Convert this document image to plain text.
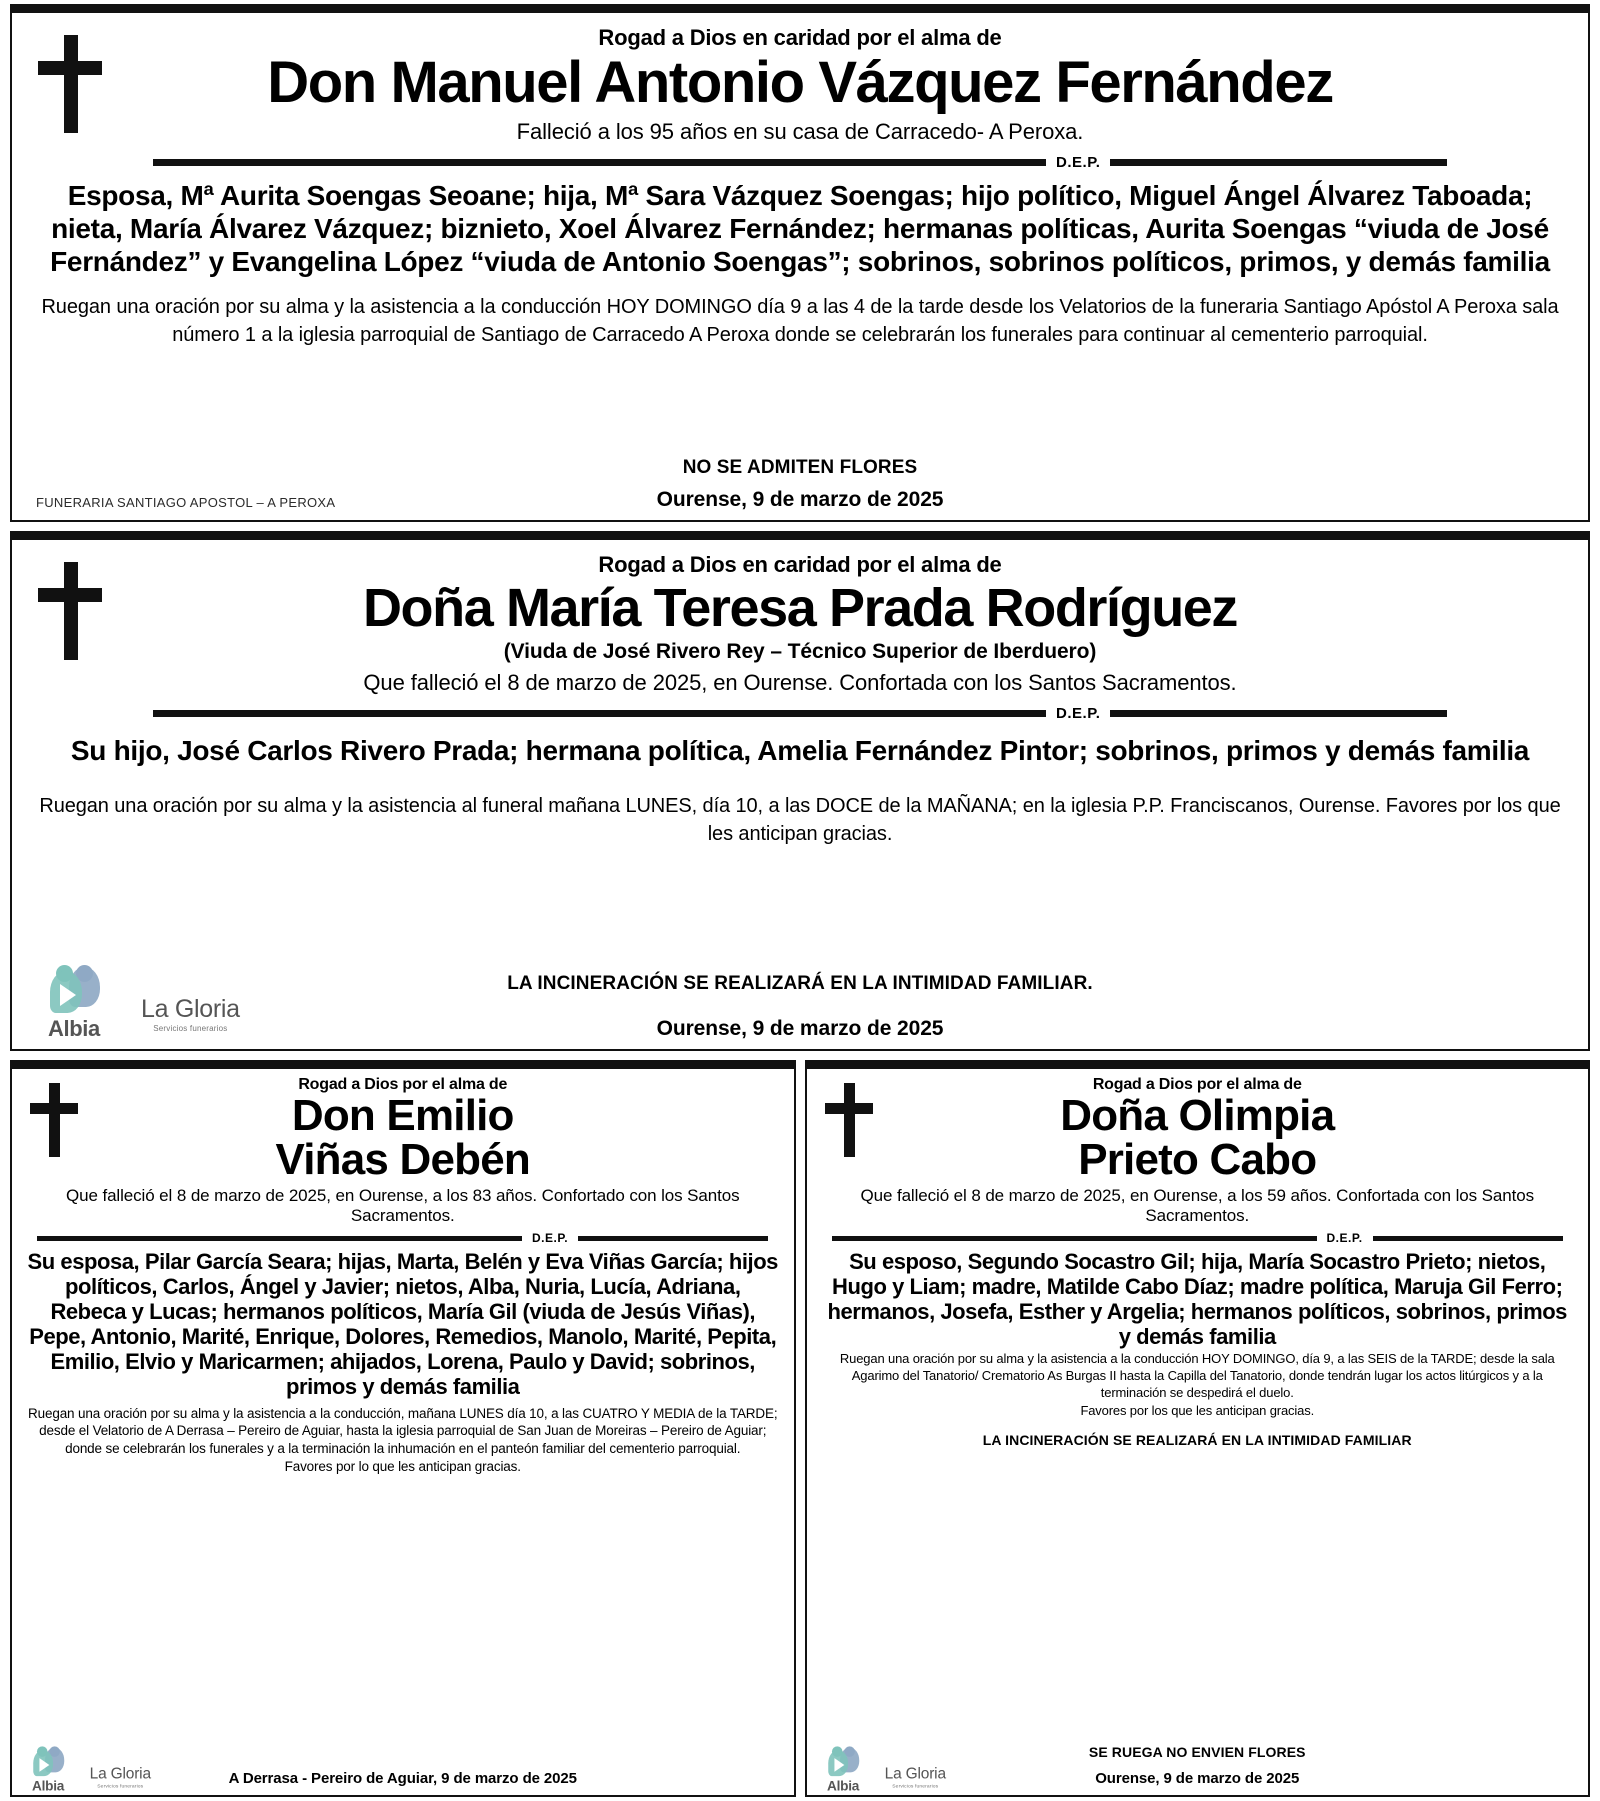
Rogad a Dios en caridad por el alma de
Don Manuel Antonio Vázquez Fernández
Falleció a los 95 años en su casa de Carracedo- A Peroxa.
D.E.P.
Esposa, Mª Aurita Soengas Seoane; hija, Mª Sara Vázquez Soengas; hijo político, Miguel Ángel Álvarez Taboada; nieta, María Álvarez Vázquez; biznieto, Xoel Álvarez Fernández; hermanas políticas, Aurita Soengas “viuda de José Fernández” y Evangelina López “viuda de Antonio Soengas”; sobrinos, sobrinos políticos, primos, y demás familia
Ruegan una oración por su alma y la asistencia a la conducción HOY DOMINGO día 9 a las 4 de la tarde desde los Velatorios de la funeraria Santiago Apóstol A Peroxa sala número 1 a la iglesia parroquial de Santiago de Carracedo A Peroxa donde se celebrarán los funerales para continuar al cementerio parroquial.
FUNERARIA SANTIAGO APOSTOL – A PEROXA
NO SE ADMITEN FLORES
Ourense, 9 de marzo de 2025
Rogad a Dios en caridad por el alma de
Doña María Teresa Prada Rodríguez
(Viuda de José Rivero Rey – Técnico Superior de Iberduero)
Que falleció el 8 de marzo de 2025, en Ourense. Confortada con los Santos Sacramentos.
D.E.P.
Su hijo, José Carlos Rivero Prada; hermana política, Amelia Fernández Pintor; sobrinos, primos y demás familia
Ruegan una oración por su alma y la asistencia al funeral mañana LUNES, día 10, a las DOCE de la MAÑANA; en la iglesia P.P. Franciscanos, Ourense. Favores por los que les anticipan gracias.
Albia
La Gloria
Servicios funerarios
LA INCINERACIÓN SE REALIZARÁ EN LA INTIMIDAD FAMILIAR.
Ourense, 9 de marzo de 2025
Rogad a Dios por el alma de
Don Emilio
Viñas Debén
Que falleció el 8 de marzo de 2025, en Ourense, a los 83 años. Confortado con los Santos Sacramentos.
D.E.P.
Su esposa, Pilar García Seara; hijas, Marta, Belén y Eva Viñas García; hijos políticos, Carlos, Ángel y Javier; nietos, Alba, Nuria, Lucía, Adriana, Rebeca y Lucas; hermanos políticos, María Gil (viuda de Jesús Viñas), Pepe, Antonio, Marité, Enrique, Dolores, Remedios, Manolo, Marité, Pepita, Emilio, Elvio y Maricarmen; ahijados, Lorena, Paulo y David; sobrinos, primos y demás familia
Ruegan una oración por su alma y la asistencia a la conducción, mañana LUNES día 10, a las CUATRO Y MEDIA de la TARDE; desde el Velatorio de A Derrasa – Pereiro de Aguiar, hasta la iglesia parroquial de San Juan de Moreiras – Pereiro de Aguiar; donde se celebrarán los funerales y a la terminación la inhumación en el panteón familiar del cementerio parroquial.
Favores por lo que les anticipan gracias.
Albia
La Gloria
Servicios funerarios	A Derrasa - Pereiro de Aguiar, 9 de marzo de 2025
Rogad a Dios por el alma de
Doña Olimpia
Prieto Cabo
Que falleció el 8 de marzo de 2025, en Ourense, a los 59 años. Confortada con los Santos Sacramentos.
D.E.P.
Su esposo, Segundo Socastro Gil; hija, María Socastro Prieto; nietos, Hugo y Liam; madre, Matilde Cabo Díaz; madre política, Maruja Gil Ferro; hermanos, Josefa, Esther y Argelia; hermanos políticos, sobrinos, primos y demás familia
Ruegan una oración por su alma y la asistencia a la conducción HOY DOMINGO, día 9, a las SEIS de la TARDE; desde la sala Agarimo del Tanatorio/ Crematorio As Burgas II hasta la Capilla del Tanatorio, donde tendrán lugar los actos litúrgicos y a la terminación se despedirá el duelo.
Favores por los que les anticipan gracias.
LA INCINERACIÓN SE REALIZARÁ EN LA INTIMIDAD FAMILIAR
Albia
La Gloria
Servicios funerarios
SE RUEGA NO ENVIEN FLORES
Ourense, 9 de marzo de 2025
